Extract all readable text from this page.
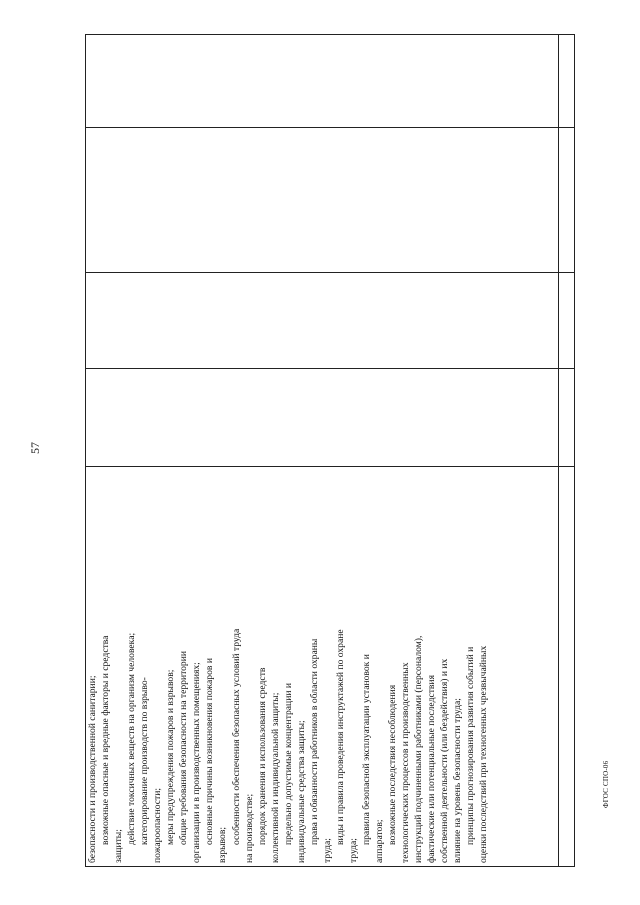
57
безопасности и производственной санитарии; возможные опасные и вредные факторы и средства
защиты;
действие токсичных веществ на организм человека; категорирование производств по взрыво- пожароопасности; меры предупреждения пожаров и взрывов; общие требования безопасности на территории организации и в производственных помещениях; основные причины возникновения пожаров и взрывов; особенности обеспечения безопасных условий труда на производстве; порядок хранения и использования средств коллективной и индивидуальной защиты; предельно допустимые концентрации и индивидуальные средства защиты; права и обязанности работников в области охраны
труда;
виды и правила проведения инструктажей по охране
труда;
правила безопасной эксплуатации установок и аппаратов; возможные последствия несоблюдения технологических процессов и производственных инструкций подчиненными работниками (персоналом), фактические или потенциальные последствия собственной деятельности (или бездействия) и их влияние на уровень безопасности труда; принципы прогнозирования развития событий и оценки последствий при техногенных чрезвычайных	ФГОС СПО-06
